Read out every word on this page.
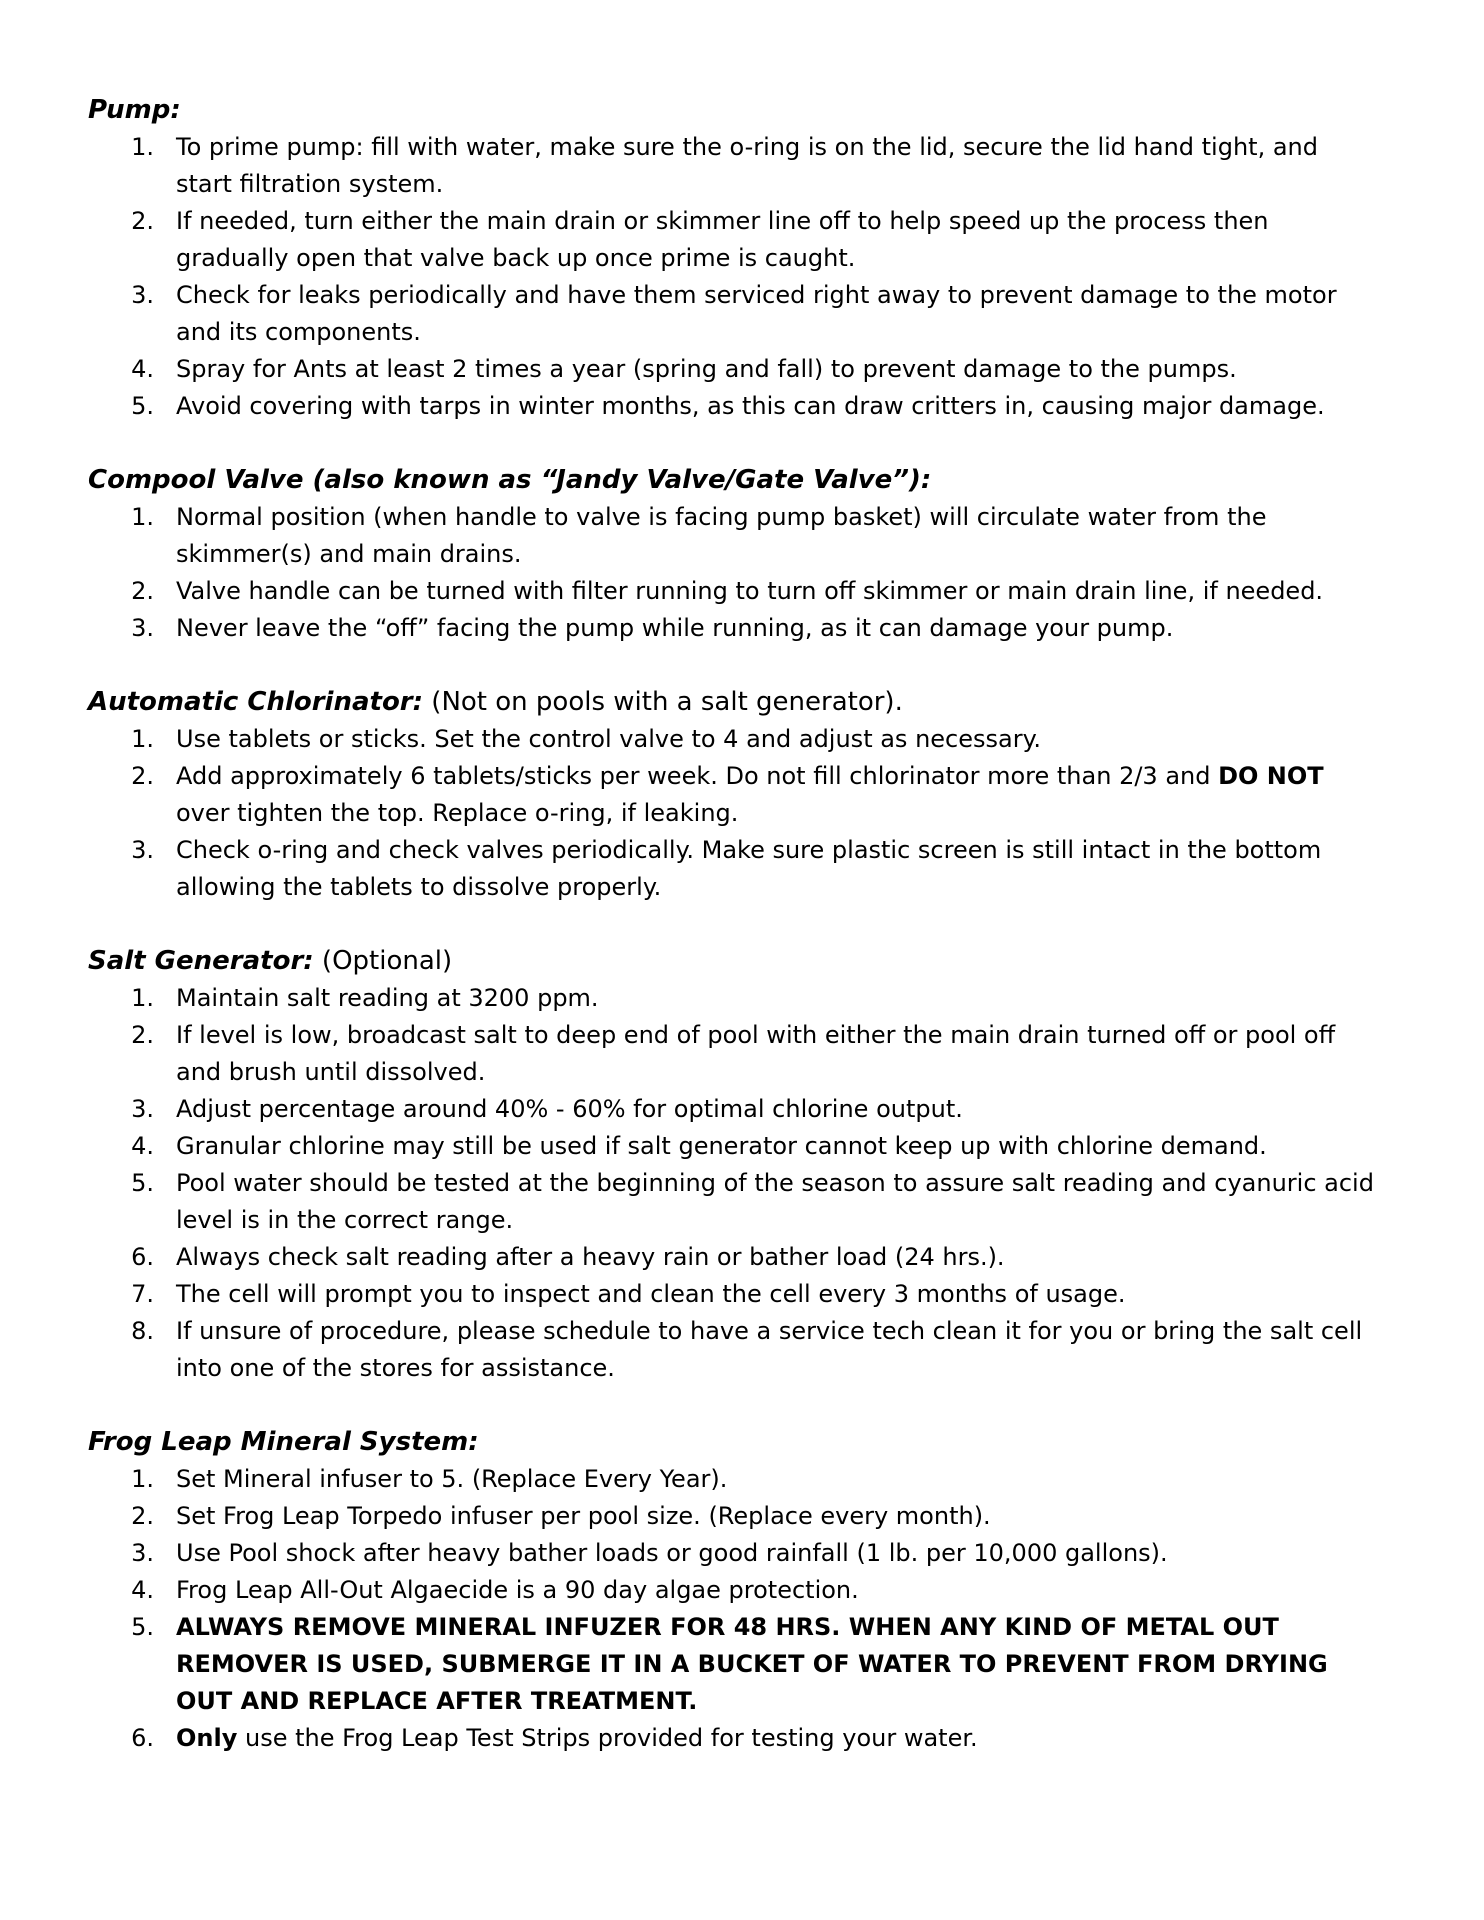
Pump:
1. To prime pump: fill with water, make sure the o-ring is on the lid, secure the lid hand tight, and start filtration system.
2. If needed, turn either the main drain or skimmer line off to help speed up the process then gradually open that valve back up once prime is caught.
3. Check for leaks periodically and have them serviced right away to prevent damage to the motor and its components.
4. Spray for Ants at least 2 times a year (spring and fall) to prevent damage to the pumps.
5. Avoid covering with tarps in winter months, as this can draw critters in, causing major damage.
Compool Valve (also known as “Jandy Valve/Gate Valve”):
1. Normal position (when handle to valve is facing pump basket) will circulate water from the skimmer(s) and main drains.
2. Valve handle can be turned with filter running to turn off skimmer or main drain line, if needed.
3. Never leave the “off” facing the pump while running, as it can damage your pump.
Automatic Chlorinator: (Not on pools with a salt generator).
1. Use tablets or sticks. Set the control valve to 4 and adjust as necessary.
2. Add approximately 6 tablets/sticks per week. Do not fill chlorinator more than 2/3 and DO NOT over tighten the top. Replace o-ring, if leaking.
3. Check o-ring and check valves periodically. Make sure plastic screen is still intact in the bottom allowing the tablets to dissolve properly.
Salt Generator: (Optional)
1. Maintain salt reading at 3200 ppm.
2. If level is low, broadcast salt to deep end of pool with either the main drain turned off or pool off and brush until dissolved.
3. Adjust percentage around 40% - 60% for optimal chlorine output.
4. Granular chlorine may still be used if salt generator cannot keep up with chlorine demand.
5. Pool water should be tested at the beginning of the season to assure salt reading and cyanuric acid level is in the correct range.
6. Always check salt reading after a heavy rain or bather load (24 hrs.).
7. The cell will prompt you to inspect and clean the cell every 3 months of usage.
8. If unsure of procedure, please schedule to have a service tech clean it for you or bring the salt cell into one of the stores for assistance.
Frog Leap Mineral System:
1. Set Mineral infuser to 5. (Replace Every Year).
2. Set Frog Leap Torpedo infuser per pool size. (Replace every month).
3. Use Pool shock after heavy bather loads or good rainfall (1 lb. per 10,000 gallons).
4. Frog Leap All-Out Algaecide is a 90 day algae protection.
5. ALWAYS REMOVE MINERAL INFUZER FOR 48 HRS. WHEN ANY KIND OF METAL OUT REMOVER IS USED, SUBMERGE IT IN A BUCKET OF WATER TO PREVENT FROM DRYING OUT AND REPLACE AFTER TREATMENT.
6. Only use the Frog Leap Test Strips provided for testing your water.
